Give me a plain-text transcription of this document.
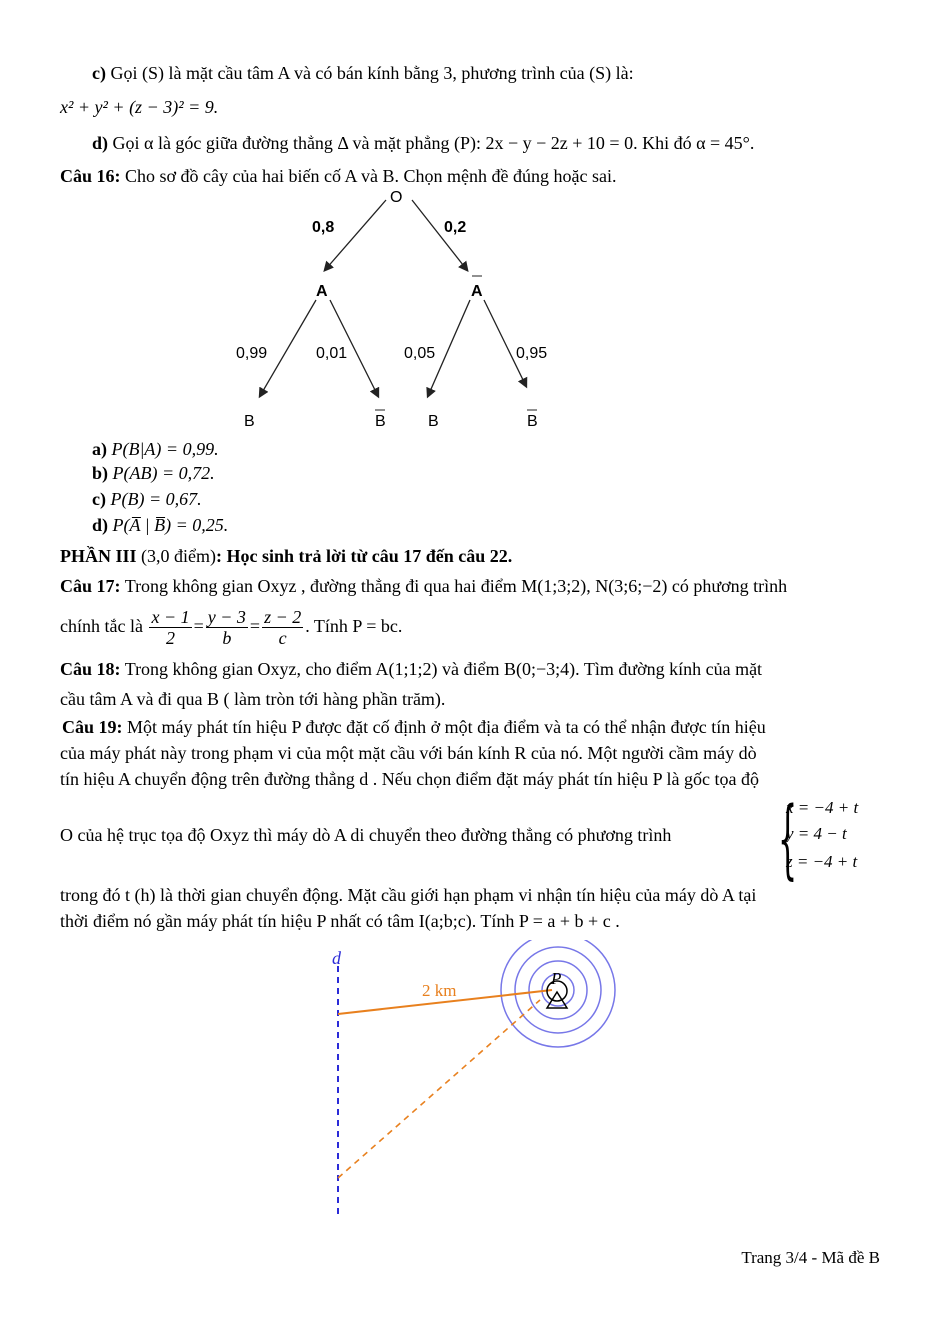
c) Gọi (S) là mặt cầu tâm A và có bán kính bằng 3, phương trình của (S) là:
x² + y² + (z − 3)² = 9.
d) Gọi α là góc giữa đường thẳng Δ và mặt phẳng (P): 2x − y − 2z + 10 = 0. Khi đó α = 45°.
Câu 16: Cho sơ đồ cây của hai biến cố A và B. Chọn mệnh đề đúng hoặc sai.
O
0,8	0,2
A	A
0,99	0,01	0,05	0,95
B	B	B	B
a) P(B|A) = 0,99.
b) P(AB) = 0,72.
c) P(B) = 0,67.
d) P(A̅ | B̅) = 0,25.
PHẦN III (3,0 điểm): Học sinh trả lời từ câu 17 đến câu 22.
Câu 17: Trong không gian Oxyz , đường thẳng đi qua hai điểm M(1;3;2), N(3;6;−2) có phương trình
chính tắc là $\frac{x - 1}{2} = \frac{y - 3}{b} = \frac{z - 2}{c}$ . Tính P = bc.
Câu 18: Trong không gian Oxyz, cho điểm A(1;1;2) và điểm B(0;−3;4). Tìm đường kính của mặt
cầu tâm A và đi qua B ( làm tròn tới hàng phần trăm).
Câu 19: Một máy phát tín hiệu P được đặt cố định ở một địa điểm và ta có thể nhận được tín hiệu
của máy phát này trong phạm vi của một mặt cầu với bán kính R của nó. Một người cầm máy dò
tín hiệu A chuyển động trên đường thẳng d . Nếu chọn điểm đặt máy phát tín hiệu P là gốc tọa độ
O của hệ trục tọa độ Oxyz thì máy dò A di chuyển theo đường thẳng có phương trình	{
x = −4 + t
y = 4 − t
z = −4 + t
trong đó t (h) là thời gian chuyển động. Mặt cầu giới hạn phạm vi nhận tín hiệu của máy dò A tại
thời điểm nó gần máy phát tín hiệu P nhất có tâm I(a;b;c). Tính P = a + b + c .
d
2 km
P
Trang 3/4 - Mã đề B
